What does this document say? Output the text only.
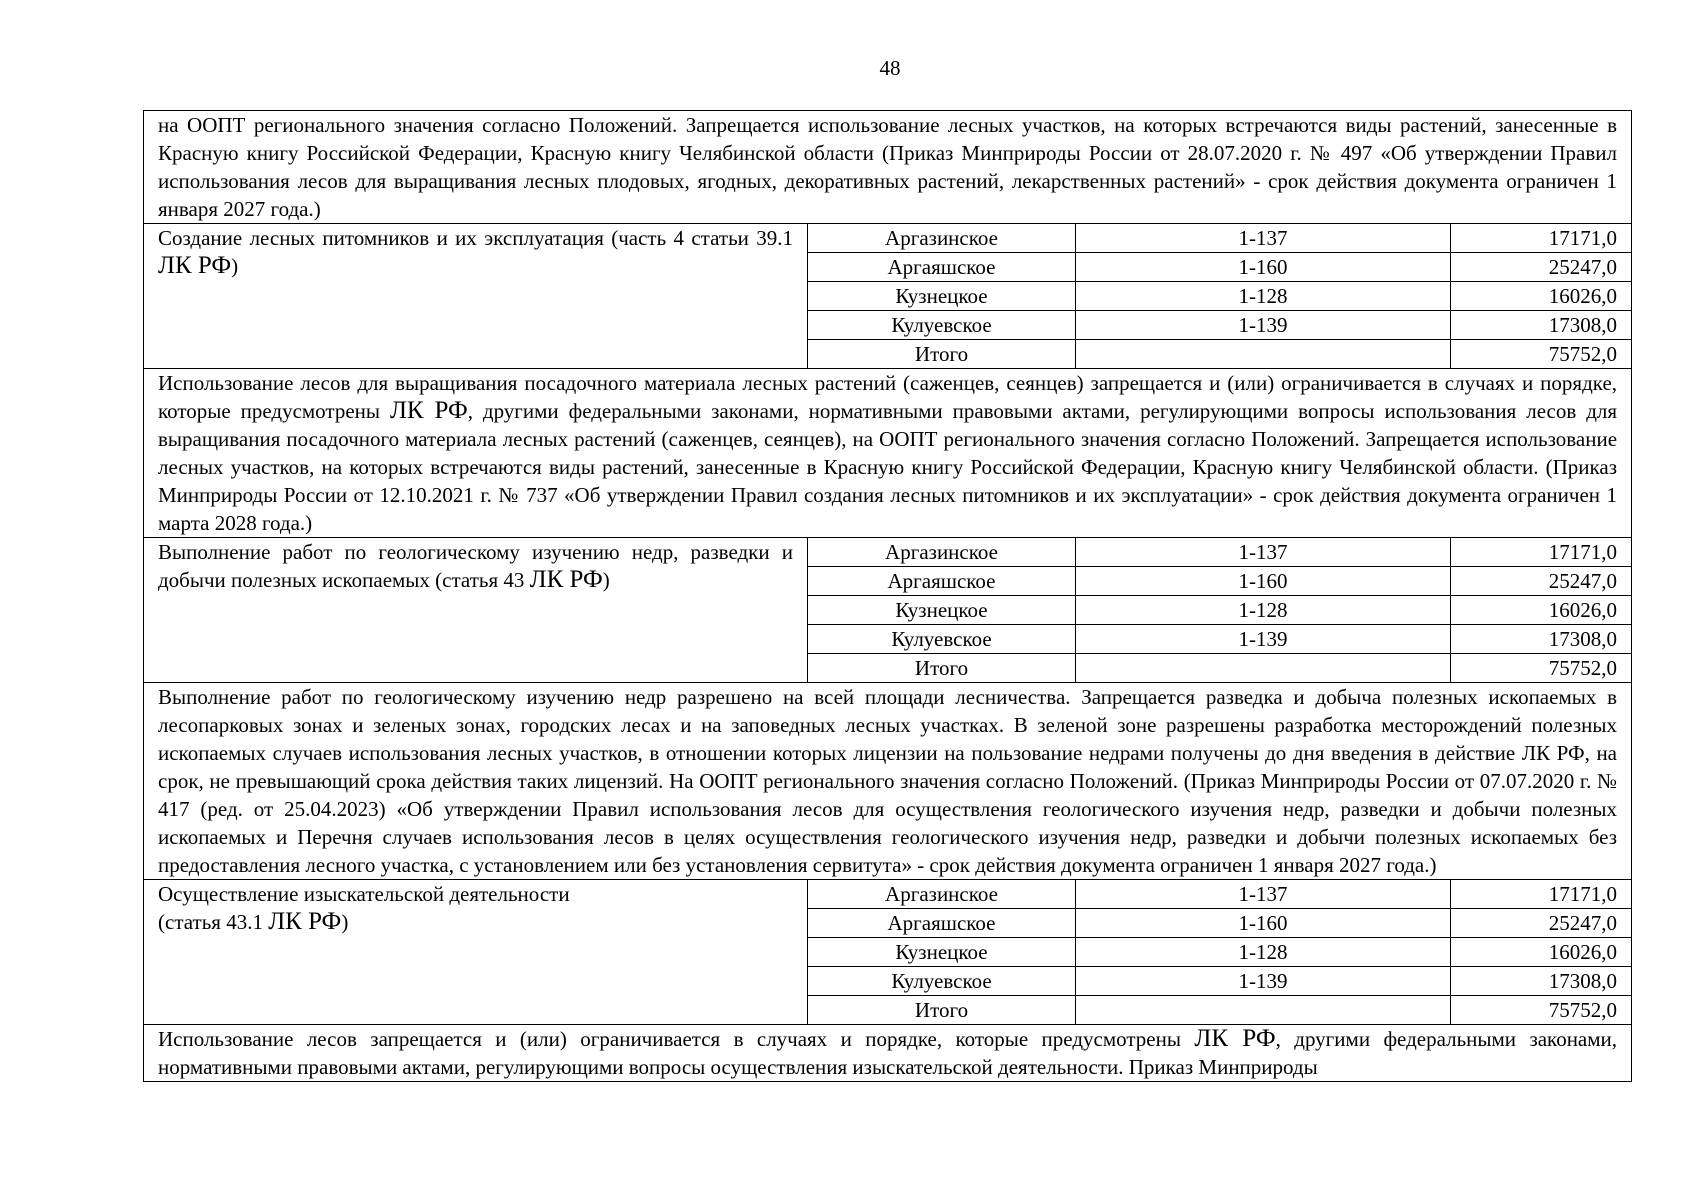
48
на ООПТ регионального значения согласно Положений. Запрещается использование лесных участков, на которых встречаются виды растений, занесенные в Красную книгу Российской Федерации, Красную книгу Челябинской области (Приказ Минприроды России от 28.07.2020 г. № 497 «Об утверждении Правил использования лесов для выращивания лесных плодовых, ягодных, декоративных растений, лекарственных растений» - срок действия документа ограничен 1 января 2027 года.)			
Создание лесных питомников и их эксплуатация (часть 4 статьи 39.1 ЛК РФ)	Аргазинское	1-137	17171,0
	Аргаяшское	1-160	25247,0
	Кузнецкое	1-128	16026,0
	Кулуевское	1-139	17308,0
	Итого		75752,0
Использование лесов для выращивания посадочного материала лесных растений (саженцев, сеянцев) запрещается и (или) ограничивается в случаях и порядке, которые предусмотрены ЛК РФ, другими федеральными законами, нормативными правовыми актами, регулирующими вопросы использования лесов для выращивания посадочного материала лесных растений (саженцев, сеянцев), на ООПТ регионального значения согласно Положений. Запрещается использование лесных участков, на которых встречаются виды растений, занесенные в Красную книгу Российской Федерации, Красную книгу Челябинской области. (Приказ Минприроды России от 12.10.2021 г. № 737 «Об утверждении Правил создания лесных питомников и их эксплуатации» - срок действия документа ограничен 1 марта 2028 года.)			
Выполнение работ по геологическому изучению недр, разведки и добычи полезных ископаемых (статья 43 ЛК РФ)	Аргазинское	1-137	17171,0
	Аргаяшское	1-160	25247,0
	Кузнецкое	1-128	16026,0
	Кулуевское	1-139	17308,0
	Итого		75752,0
Выполнение работ по геологическому изучению недр разрешено на всей площади лесничества. Запрещается разведка и добыча полезных ископаемых в лесопарковых зонах и зеленых зонах, городских лесах и на заповедных лесных участках. В зеленой зоне разрешены разработка месторождений полезных ископаемых случаев использования лесных участков, в отношении которых лицензии на пользование недрами получены до дня введения в действие ЛК РФ, на срок, не превышающий срока действия таких лицензий. На ООПТ регионального значения согласно Положений. (Приказ Минприроды России от 07.07.2020 г. № 417 (ред. от 25.04.2023) «Об утверждении Правил использования лесов для осуществления геологического изучения недр, разведки и добычи полезных ископаемых и Перечня случаев использования лесов в целях осуществления геологического изучения недр, разведки и добычи полезных ископаемых без предоставления лесного участка, с установлением или без установления сервитута» - срок действия документа ограничен 1 января 2027 года.)			
Осуществление изыскательской деятельности
(статья 43.1 ЛК РФ)	Аргазинское	1-137	17171,0
	Аргаяшское	1-160	25247,0
	Кузнецкое	1-128	16026,0
	Кулуевское	1-139	17308,0
	Итого		75752,0
Использование лесов запрещается и (или) ограничивается в случаях и порядке, которые предусмотрены ЛК РФ, другими федеральными законами, нормативными правовыми актами, регулирующими вопросы осуществления изыскательской деятельности. Приказ Минприроды			
